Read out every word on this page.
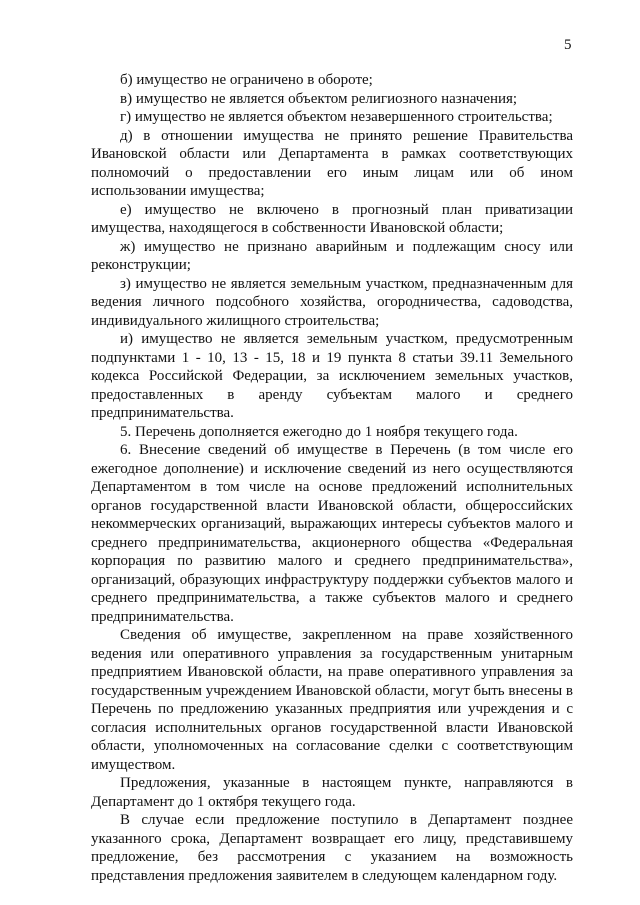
5

б) имущество не ограничено в обороте;

в) имущество не является объектом религиозного назначения;

г) имущество не является объектом незавершенного строительства;

д) в отношении имущества не принято решение Правительства Ивановской области или Департамента в рамках соответствующих полномочий о предоставлении его иным лицам или об ином использовании имущества;

е) имущество не включено в прогнозный план приватизации имущества, находящегося в собственности Ивановской области;

ж) имущество не признано аварийным и подлежащим сносу или реконструкции;

з) имущество не является земельным участком, предназначенным для ведения личного подсобного хозяйства, огородничества, садоводства, индивидуального жилищного строительства;

и) имущество не является земельным участком, предусмотренным подпунктами 1 - 10, 13 - 15, 18 и 19 пункта 8 статьи 39.11 Земельного кодекса Российской Федерации, за исключением земельных участков, предоставленных в аренду субъектам малого и среднего предпринимательства.

5. Перечень дополняется ежегодно до 1 ноября текущего года.

6. Внесение сведений об имуществе в Перечень (в том числе его ежегодное дополнение) и исключение сведений из него осуществляются Департаментом в том числе на основе предложений исполнительных органов государственной власти Ивановской области, общероссийских некоммерческих организаций, выражающих интересы субъектов малого и среднего предпринимательства, акционерного общества «Федеральная корпорация по развитию малого и среднего предпринимательства», организаций, образующих инфраструктуру поддержки субъектов малого и среднего предпринимательства, а также субъектов малого и среднего предпринимательства.

Сведения об имуществе, закрепленном на праве хозяйственного ведения или оперативного управления за государственным унитарным предприятием Ивановской области, на праве оперативного управления за государственным учреждением Ивановской области, могут быть внесены в Перечень по предложению указанных предприятия или учреждения и с согласия исполнительных органов государственной власти Ивановской области, уполномоченных на согласование сделки с соответствующим имуществом.

Предложения, указанные в настоящем пункте, направляются в Департамент до 1 октября текущего года.

В случае если предложение поступило в Департамент позднее указанного срока, Департамент возвращает его лицу, представившему предложение, без рассмотрения с указанием на возможность представления предложения заявителем в следующем календарном году.
